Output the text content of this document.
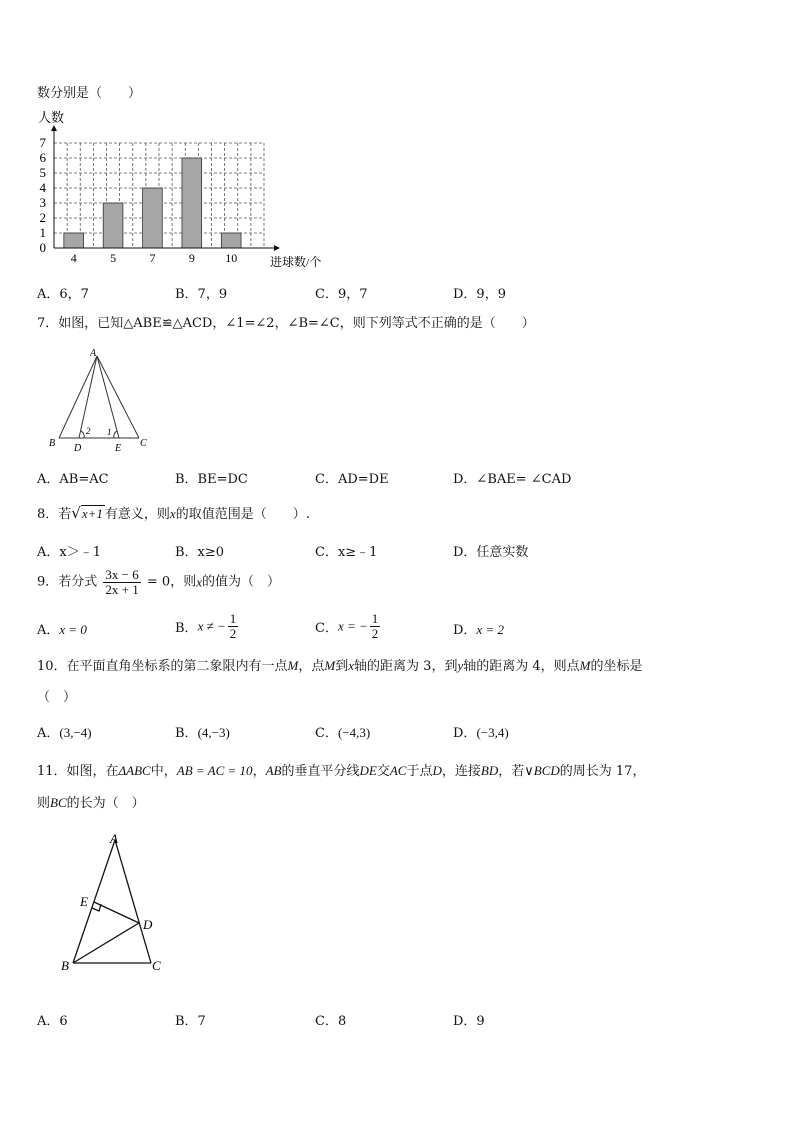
数分别是（　　）
4	5	7	9	10
0
1
2
3
4
5
6
7
人数
进球数/个
A．6，7	B．7，9	C．9，7	D．9，9
7．如图，已知△ABE≌△ACD，∠1=∠2，∠B=∠C，则下列等式不正确的是（　　）
A
B D	E C
2 1
A．AB=AC	B．BE=DC	C．AD=DE	D．∠BAE= ∠CAD
8．若√x+1 有意义，则x的取值范围是（　　）.
A．x＞﹣1	B．x≥0	C．x≥﹣1	D．任意实数
9．若分式 $\frac{3x - 6}{2x + 1} = 0$，则x的值为（　）
A．x = 0	B．x ≠ − $\frac{1}{2}$	C．x = − $\frac{1}{2}$	D．x = 2
10．在平面直角坐标系的第二象限内有一点M，点M到x轴的距离为 3，到y轴的距离为 4，则点M的坐标是
（　）
A．(3,−4)	B．(4,−3)	C．(−4,3)	D．(−3,4)
11．如图，在ΔABC中，AB = AC = 10，AB的垂直平分线DE交AC于点D，连接BD，若∨BCD的周长为 17，
则BC的长为（　）
A
E
D
B	C
A．6	B．7	C．8	D．9
